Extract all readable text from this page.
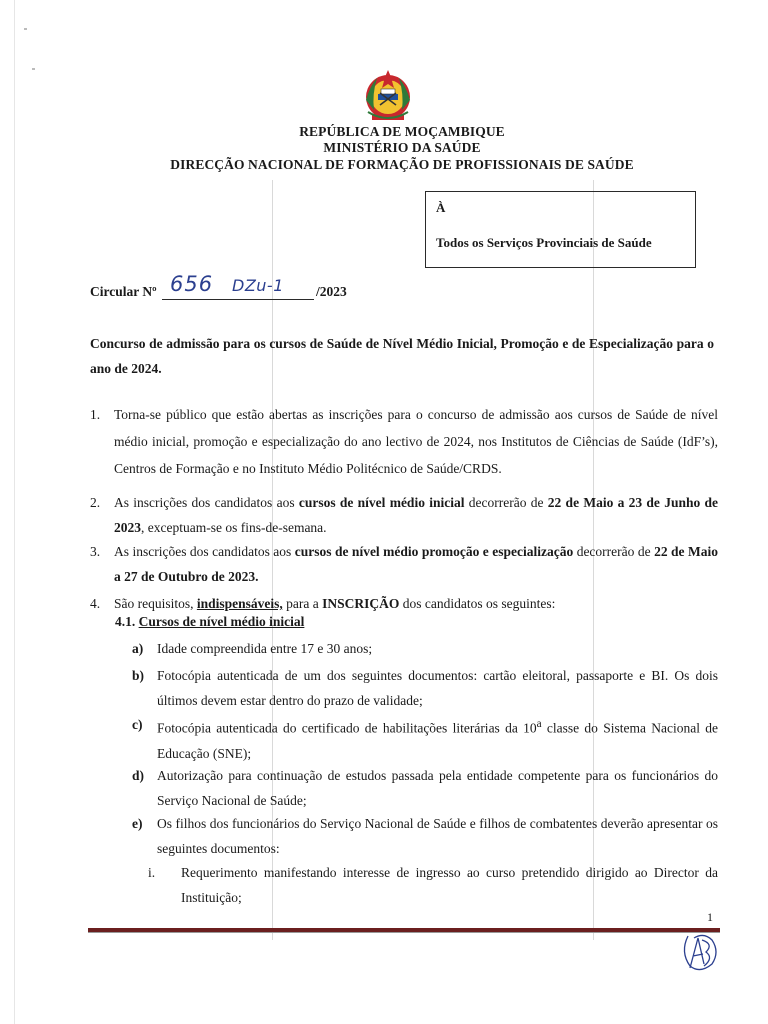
REPÚBLICA DE MOÇAMBIQUE
MINISTÉRIO DA SAÚDE
DIRECÇÃO NACIONAL DE FORMAÇÃO DE PROFISSIONAIS DE SAÚDE
À
Todos os Serviços Provinciais de Saúde
Circular Nº 656 DZu-1 /2023
Concurso de admissão para os cursos de Saúde de Nível Médio Inicial, Promoção e de Especialização para o ano de 2024.
1. Torna-se público que estão abertas as inscrições para o concurso de admissão aos cursos de Saúde de nível médio inicial, promoção e especialização do ano lectivo de 2024, nos Institutos de Ciências de Saúde (IdF’s), Centros de Formação e no Instituto Médio Politécnico de Saúde/CRDS.
2. As inscrições dos candidatos aos cursos de nível médio inicial decorrerão de 22 de Maio a 23 de Junho de 2023, exceptuam-se os fins-de-semana.
3. As inscrições dos candidatos aos cursos de nível médio promoção e especialização decorrerão de 22 de Maio a 27 de Outubro de 2023.
4. São requisitos, indispensáveis, para a INSCRIÇÃO dos candidatos os seguintes:
4.1. Cursos de nível médio inicial
a) Idade compreendida entre 17 e 30 anos;
b) Fotocópia autenticada de um dos seguintes documentos: cartão eleitoral, passaporte e BI. Os dois últimos devem estar dentro do prazo de validade;
c) Fotocópia autenticada do certificado de habilitações literárias da 10$^a$ classe do Sistema Nacional de Educação (SNE);
d) Autorização para continuação de estudos passada pela entidade competente para os funcionários do Serviço Nacional de Saúde;
e) Os filhos dos funcionários do Serviço Nacional de Saúde e filhos de combatentes deverão apresentar os seguintes documentos:
i. Requerimento manifestando interesse de ingresso ao curso pretendido dirigido ao Director da Instituição;
1
